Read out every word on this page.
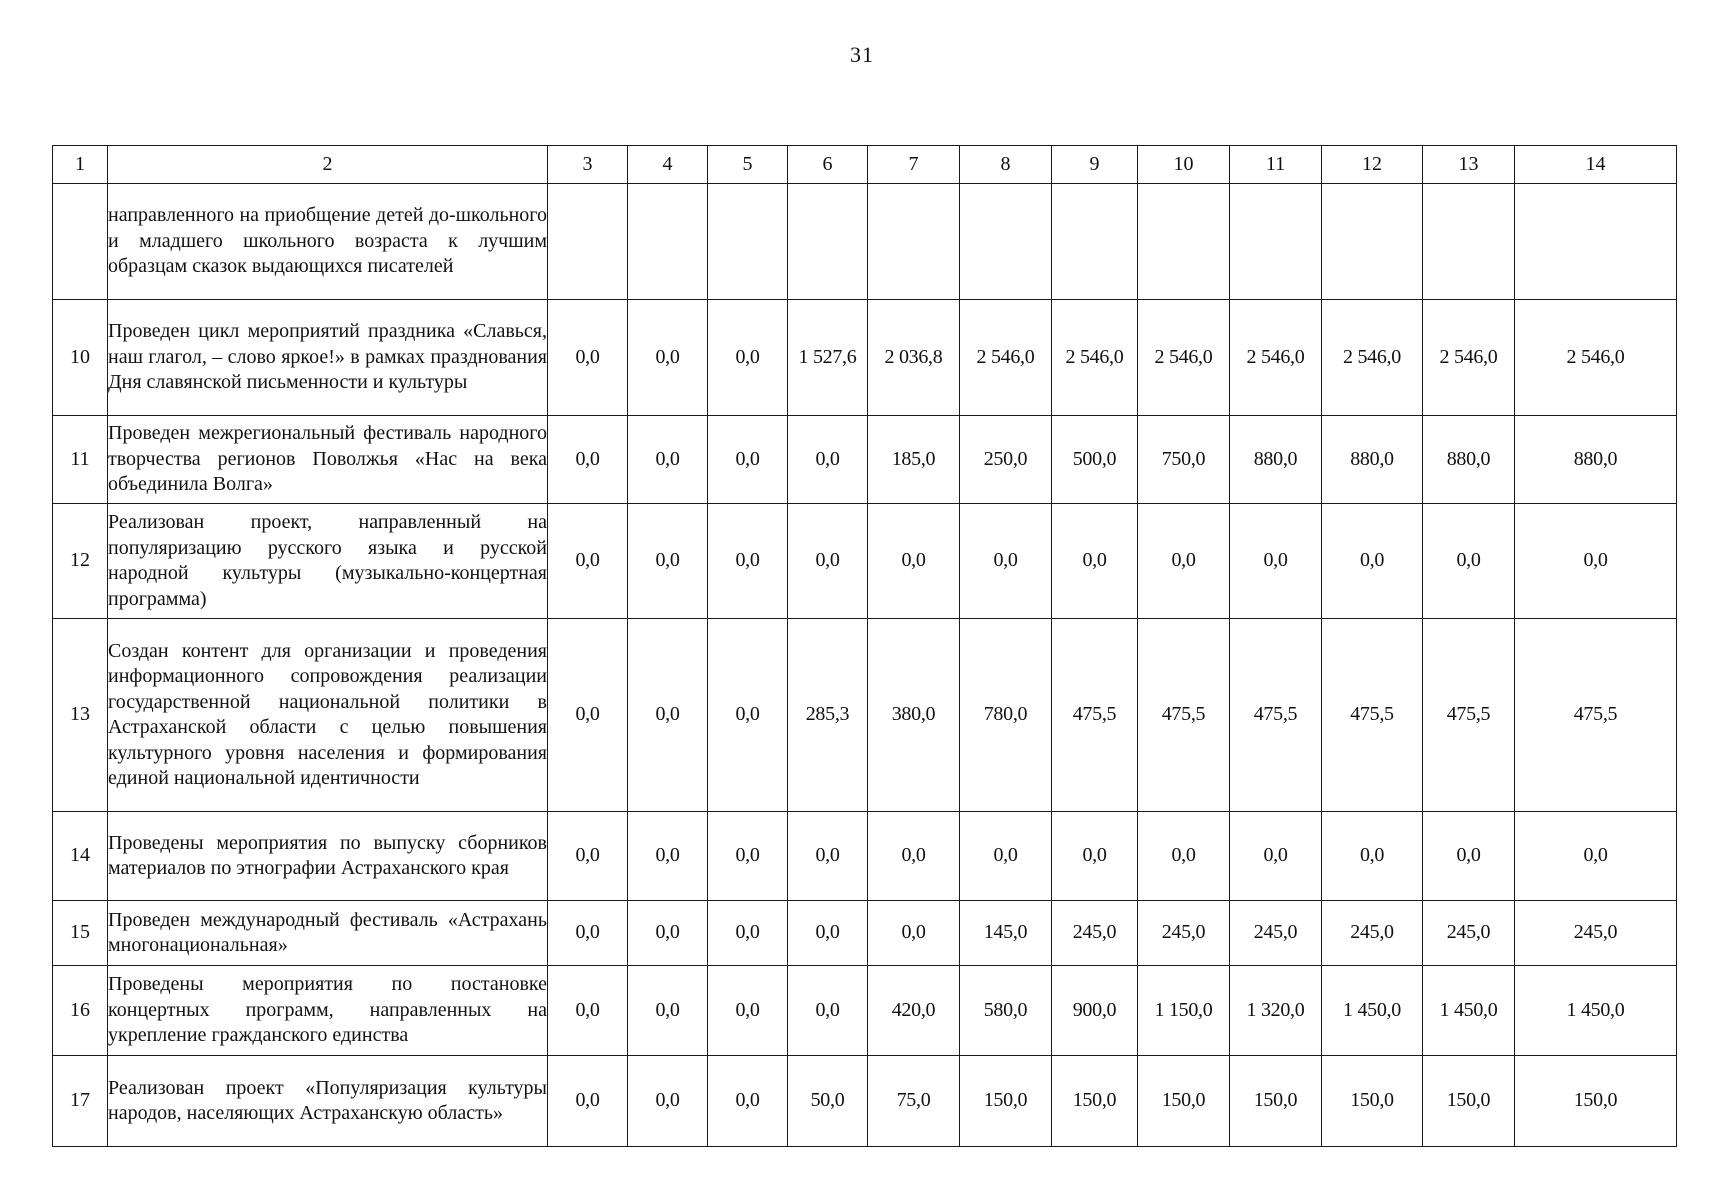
31
1	2	3	4	5	6	7	8	9	10	11	12	13	14
	направленного на приобщение детей до-школьного и младшего школьного возраста к лучшим образцам сказок выдающихся писателей												
10	Проведен цикл мероприятий праздника «Славься, наш глагол, – слово яркое!» в рамках празднования Дня славянской письменности и культуры	0,0	0,0	0,0	1 527,6	2 036,8	2 546,0	2 546,0	2 546,0	2 546,0	2 546,0	2 546,0	2 546,0
11	Проведен межрегиональный фестиваль народного творчества регионов Поволжья «Нас на века объединила Волга»	0,0	0,0	0,0	0,0	185,0	250,0	500,0	750,0	880,0	880,0	880,0	880,0
12	Реализован проект, направленный на популяризацию русского языка и русской народной культуры (музыкально-концертная программа)	0,0	0,0	0,0	0,0	0,0	0,0	0,0	0,0	0,0	0,0	0,0	0,0
13	Создан контент для организации и проведения информационного сопровождения реализации государственной национальной политики в Астраханской области с целью повышения культурного уровня населения и формирования единой национальной идентичности	0,0	0,0	0,0	285,3	380,0	780,0	475,5	475,5	475,5	475,5	475,5	475,5
14	Проведены мероприятия по выпуску сборников материалов по этнографии Астраханского края	0,0	0,0	0,0	0,0	0,0	0,0	0,0	0,0	0,0	0,0	0,0	0,0
15	Проведен международный фестиваль «Астрахань многонациональная»	0,0	0,0	0,0	0,0	0,0	145,0	245,0	245,0	245,0	245,0	245,0	245,0
16	Проведены мероприятия по постановке концертных программ, направленных на укрепление гражданского единства	0,0	0,0	0,0	0,0	420,0	580,0	900,0	1 150,0	1 320,0	1 450,0	1 450,0	1 450,0
17	Реализован проект «Популяризация культуры народов, населяющих Астраханскую область»	0,0	0,0	0,0	50,0	75,0	150,0	150,0	150,0	150,0	150,0	150,0	150,0
